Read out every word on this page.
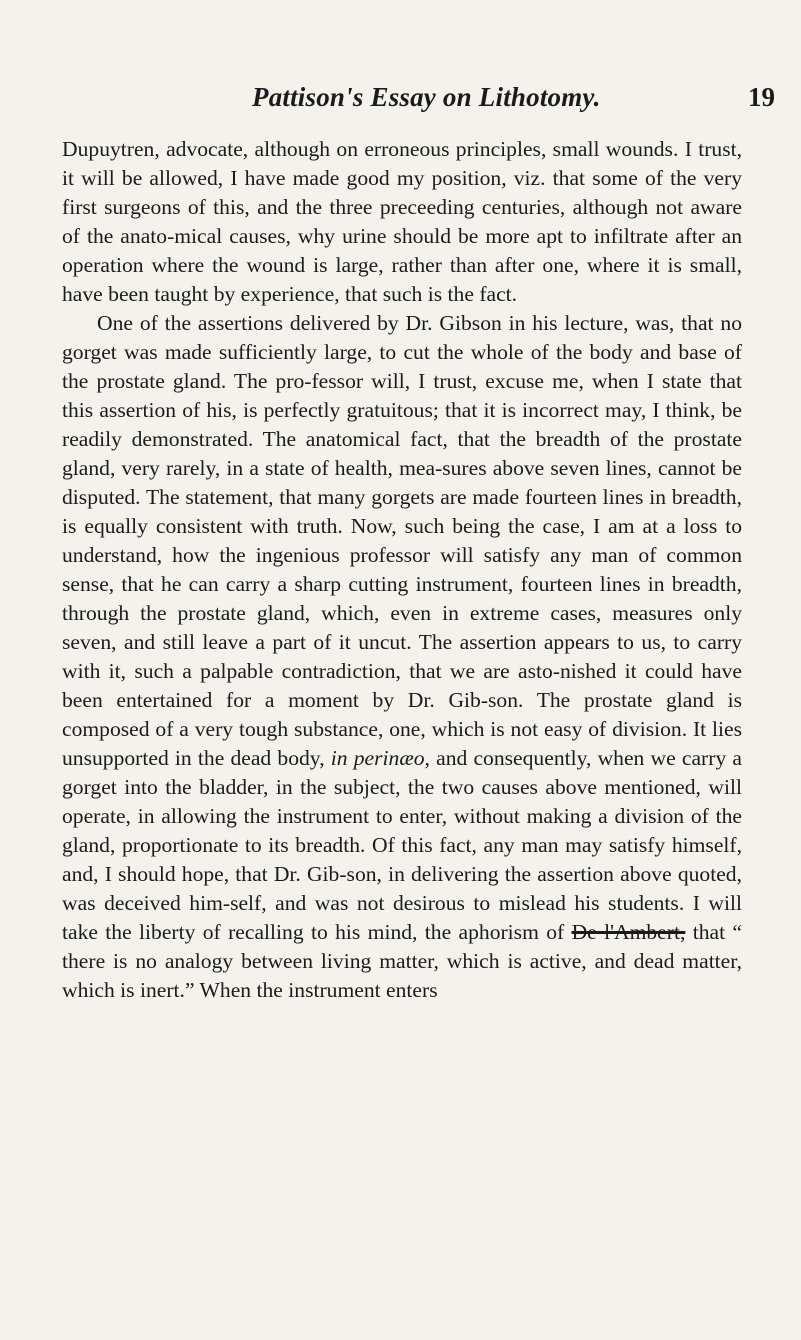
Pattison's Essay on Lithotomy.	19

Dupuytren, advocate, although on erroneous principles, small wounds. I trust, it will be allowed, I have made good my position, viz. that some of the very first surgeons of this, and the three preceeding centuries, although not aware of the anato-mical causes, why urine should be more apt to infiltrate after an operation where the wound is large, rather than after one, where it is small, have been taught by experience, that such is the fact.

One of the assertions delivered by Dr. Gibson in his lecture, was, that no gorget was made sufficiently large, to cut the whole of the body and base of the prostate gland. The pro-fessor will, I trust, excuse me, when I state that this assertion of his, is perfectly gratuitous; that it is incorrect may, I think, be readily demonstrated. The anatomical fact, that the breadth of the prostate gland, very rarely, in a state of health, mea-sures above seven lines, cannot be disputed. The statement, that many gorgets are made fourteen lines in breadth, is equally consistent with truth. Now, such being the case, I am at a loss to understand, how the ingenious professor will satisfy any man of common sense, that he can carry a sharp cutting instrument, fourteen lines in breadth, through the prostate gland, which, even in extreme cases, measures only seven, and still leave a part of it uncut. The assertion appears to us, to carry with it, such a palpable contradiction, that we are asto-nished it could have been entertained for a moment by Dr. Gib-son. The prostate gland is composed of a very tough substance, one, which is not easy of division. It lies unsupported in the dead body, in perinæo, and consequently, when we carry a gorget into the bladder, in the subject, the two causes above mentioned, will operate, in allowing the instrument to enter, without making a division of the gland, proportionate to its breadth. Of this fact, any man may satisfy himself, and, I should hope, that Dr. Gib-son, in delivering the assertion above quoted, was deceived him-self, and was not desirous to mislead his students. I will take the liberty of recalling to his mind, the aphorism of De l'Ambert, that “ there is no analogy between living matter, which is active, and dead matter, which is inert.” When the instrument enters
